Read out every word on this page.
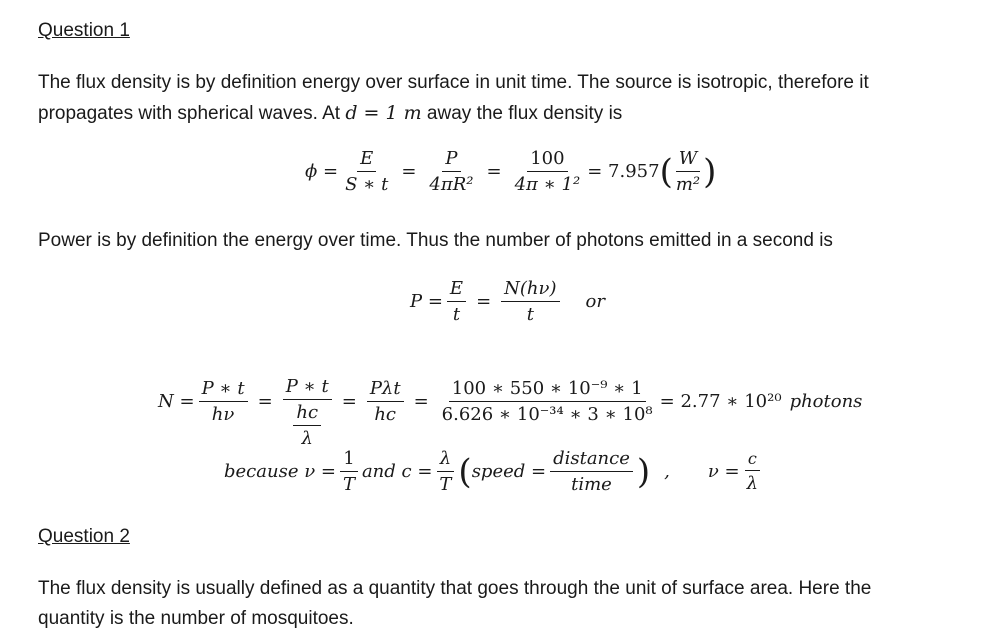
Question 1
The flux density is by definition energy over surface in unit time. The source is isotropic, therefore it
propagates with spherical waves. At d = 1 m away the flux density is
$\phi = \frac{E}{S ∗ t} = \frac{P}{\text{4πR²}} = \frac{100}{\text{4π ∗ 1²}} = 7.957$ ( $\frac{W}{\text{m²}}$ )
Power is by definition the energy over time. Thus the number of photons emitted in a second is
$P = \frac{E}{t} = \frac{N(h\nu)}{t}$ or
$N = \frac{P ∗ t}{h\nu} = \frac{P ∗ t}{\frac{hc}{\lambda}} = \frac{\text{Pλt}}{hc} = \frac{\text{100 ∗ 550 ∗ 10⁻⁹ ∗ 1}}{\text{6.626 ∗ 10⁻³⁴ ∗ 3 ∗ 10⁸}} = 2.77$ ∗ 10²⁰ photons
because $\nu = \frac{1}{T}$ and $c = \frac{\lambda}{T}$ ( speed = $\frac{\text{distance}}{\text{time}}$ ) , $\nu = \frac{c}{\lambda}$
Question 2
The flux density is usually defined as a quantity that goes through the unit of surface area. Here the
quantity is the number of mosquitoes.
